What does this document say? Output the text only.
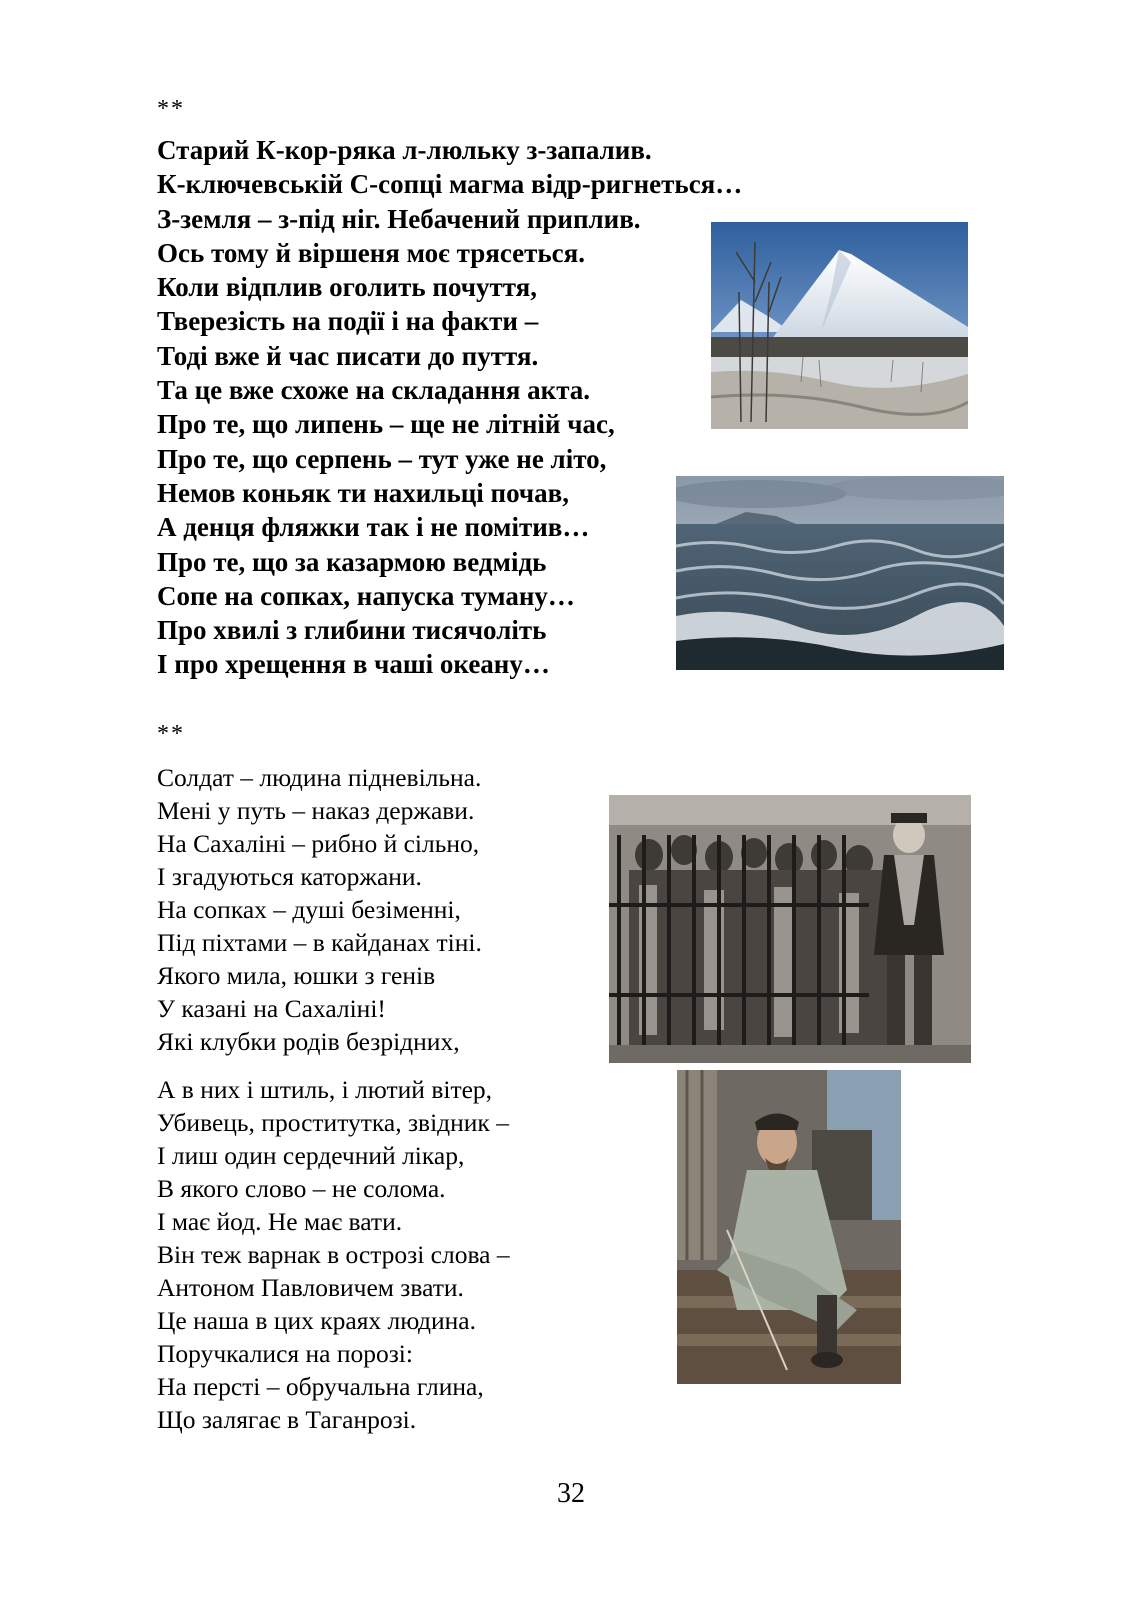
**
Старий К-кор-ряка л-люльку з-запалив.
К-ключевській С-сопці магма відр-ригнеться…
З-земля – з-під ніг. Небачений приплив.
Ось тому й віршеня моє трясеться.
Коли відплив оголить почуття,
Тверезість на події і на факти –
Тоді вже й час писати до пуття.
Та це вже схоже на складання акта.
Про те, що липень – ще не літній час,
Про те, що серпень – тут уже не літо,
Немов коньяк ти нахильці почав,
А денця фляжки так і не помітив…
Про те, що за казармою ведмідь
Сопе на сопках, напуска туману…
Про хвилі з глибини тисячоліть
І про хрещення в чаші океану…
**
Солдат – людина підневільна.
Мені у путь – наказ держави.
На Сахаліні – рибно й сільно,
І згадуються каторжани.
На сопках – душі безіменні,
Під піхтами – в кайданах тіні.
Якого мила, юшки з генів
У казані на Сахаліні!
Які клубки родів безрідних,
А в них і штиль, і лютий вітер,
Убивець, проститутка, звідник –
І лиш один сердечний лікар,
В якого слово – не солома.
І має йод. Не має вати.
Він теж варнак в острозі слова –
Антоном Павловичем звати.
Це наша в цих краях людина.
Поручкалися на порозі:
На персті – обручальна глина,
Що залягає в Таганрозі.
32
